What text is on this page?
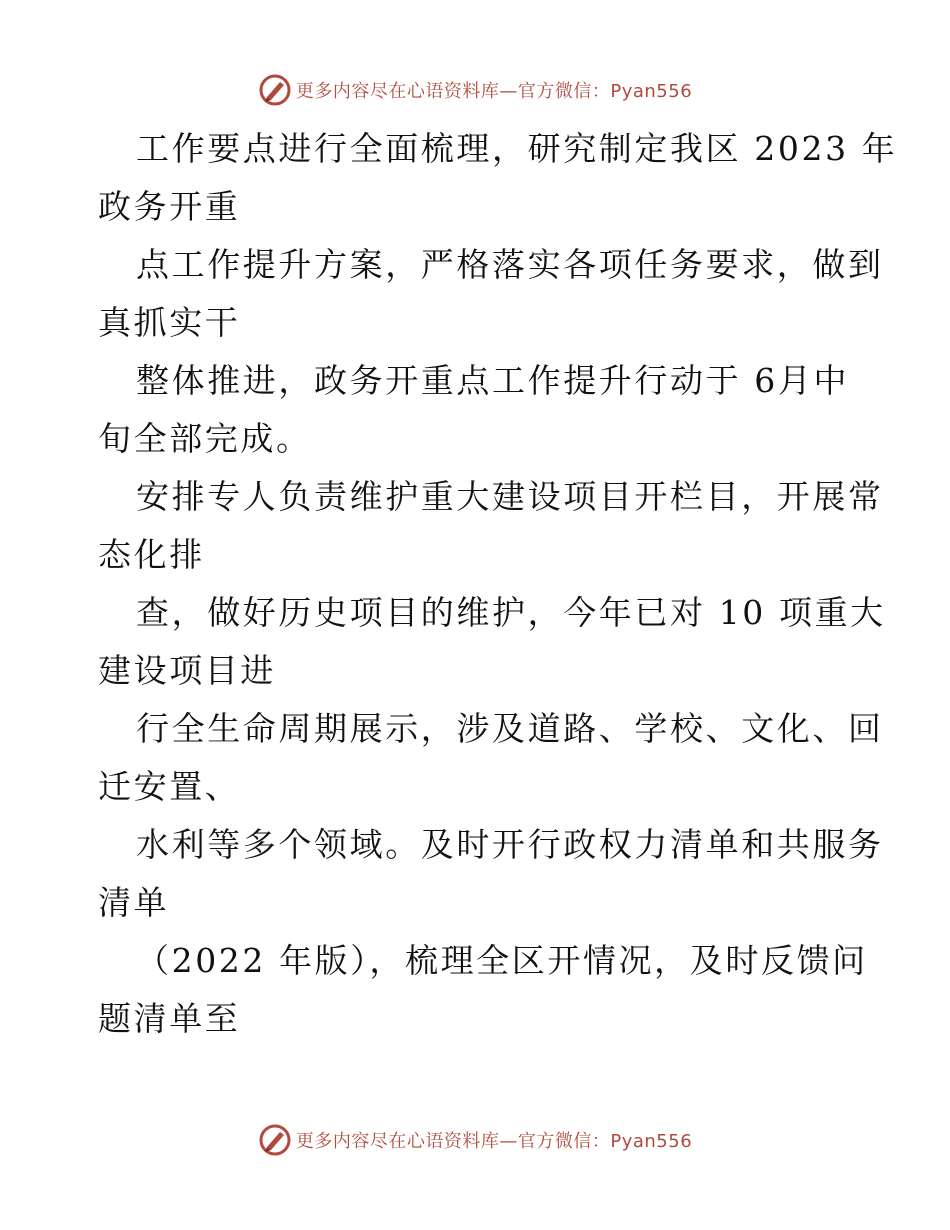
更多内容尽在心语资料库—官方微信：Pyan556
工作要点进行全面梳理，研究制定我区 2023 年
政务开重
点工作提升方案，严格落实各项任务要求，做到
真抓实干
整体推进，政务开重点工作提升行动于 6月中
旬全部完成。
安排专人负责维护重大建设项目开栏目，开展常
态化排
查，做好历史项目的维护，今年已对 10 项重大
建设项目进
行全生命周期展示，涉及道路、学校、文化、回
迁安置、
水利等多个领域。及时开行政权力清单和共服务
清单
（2022 年版），梳理全区开情况，及时反馈问
题清单至
更多内容尽在心语资料库—官方微信：Pyan556
